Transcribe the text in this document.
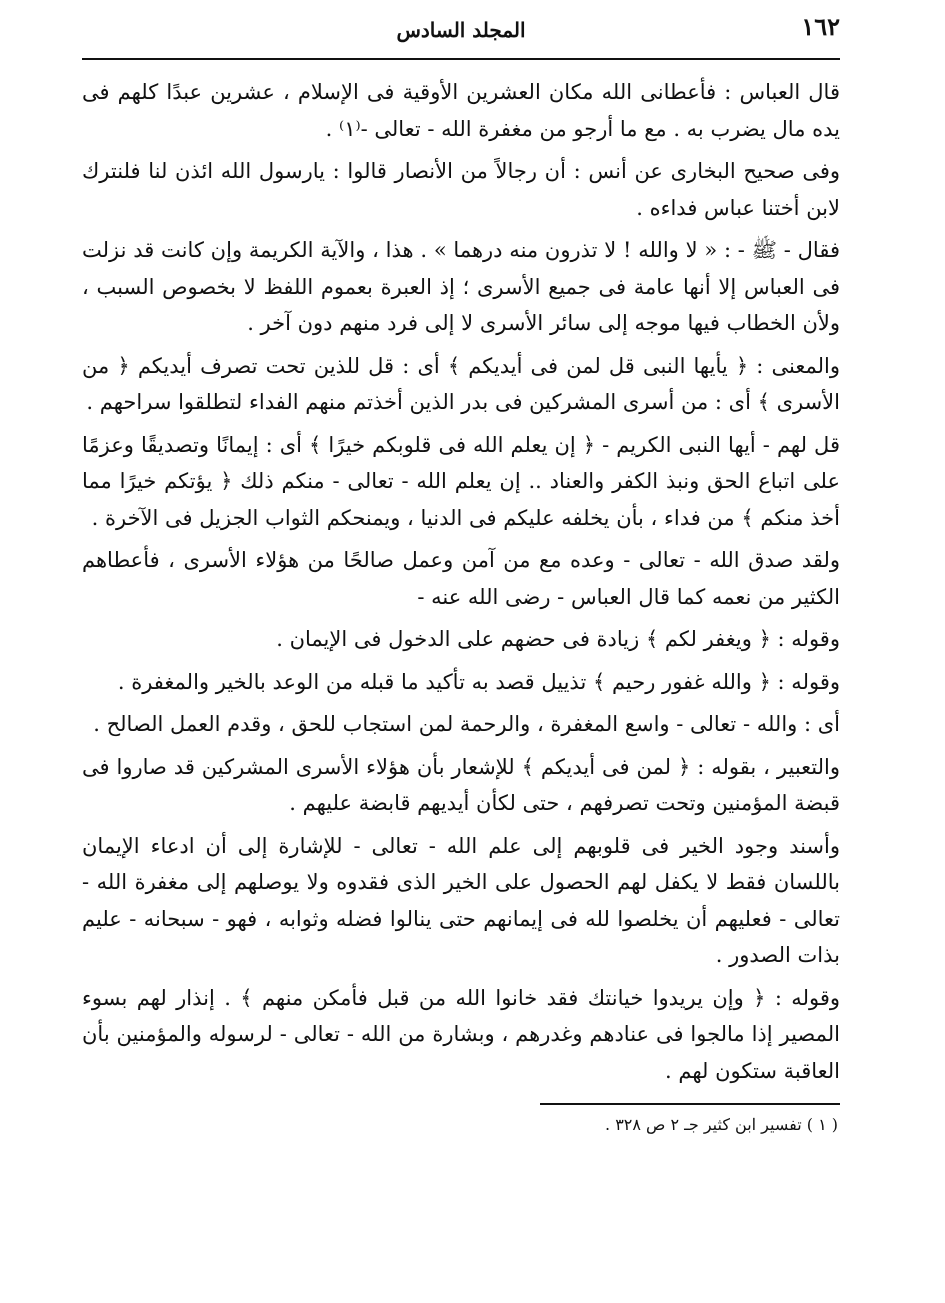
١٦٢
المجلد السادس

قال العباس : فأعطانى الله مكان العشرين الأوقية فى الإسلام ، عشرين عبدًا كلهم فى يده مال يضرب به . مع ما أرجو من مغفرة الله - تعالى -⁽١⁾ .

وفى صحيح البخارى عن أنس : أن رجالاً من الأنصار قالوا : يارسول الله ائذن لنا فلنترك لابن أختنا عباس فداءه .

فقال - ﷺ - : « لا والله ! لا تذرون منه درهما » . هذا ، والآية الكريمة وإن كانت قد نزلت فى العباس إلا أنها عامة فى جميع الأسرى ؛ إذ العبرة بعموم اللفظ لا بخصوص السبب ، ولأن الخطاب فيها موجه إلى سائر الأسرى لا إلى فرد منهم دون آخر .

والمعنى : ﴿ يأيها النبى قل لمن فى أيديكم ﴾ أى : قل للذين تحت تصرف أيديكم ﴿ من الأسرى ﴾ أى : من أسرى المشركين فى بدر الذين أخذتم منهم الفداء لتطلقوا سراحهم .

قل لهم - أيها النبى الكريم - ﴿ إن يعلم الله فى قلوبكم خيرًا ﴾ أى : إيمانًا وتصديقًا وعزمًا على اتباع الحق ونبذ الكفر والعناد .. إن يعلم الله - تعالى - منكم ذلك ﴿ يؤتكم خيرًا مما أخذ منكم ﴾ من فداء ، بأن يخلفه عليكم فى الدنيا ، ويمنحكم الثواب الجزيل فى الآخرة .

ولقد صدق الله - تعالى - وعده مع من آمن وعمل صالحًا من هؤلاء الأسرى ، فأعطاهم الكثير من نعمه كما قال العباس - رضى الله عنه -

وقوله : ﴿ ويغفر لكم ﴾ زيادة فى حضهم على الدخول فى الإيمان .

وقوله : ﴿ والله غفور رحيم ﴾ تذييل قصد به تأكيد ما قبله من الوعد بالخير والمغفرة .

أى : والله - تعالى - واسع المغفرة ، والرحمة لمن استجاب للحق ، وقدم العمل الصالح .

والتعبير ، بقوله : ﴿ لمن فى أيديكم ﴾ للإشعار بأن هؤلاء الأسرى المشركين قد صاروا فى قبضة المؤمنين وتحت تصرفهم ، حتى لكأن أيديهم قابضة عليهم .

وأسند وجود الخير فى قلوبهم إلى علم الله - تعالى - للإشارة إلى أن ادعاء الإيمان باللسان فقط لا يكفل لهم الحصول على الخير الذى فقدوه ولا يوصلهم إلى مغفرة الله - تعالى - فعليهم أن يخلصوا لله فى إيمانهم حتى ينالوا فضله وثوابه ، فهو - سبحانه - عليم بذات الصدور .

وقوله : ﴿ وإن يريدوا خيانتك فقد خانوا الله من قبل فأمكن منهم ﴾ . إنذار لهم بسوء المصير إذا مالجوا فى عنادهم وغدرهم ، وبشارة من الله - تعالى - لرسوله والمؤمنين بأن العاقبة ستكون لهم .

( ١ ) تفسير ابن كثير جـ ٢ ص ٣٢٨ .
